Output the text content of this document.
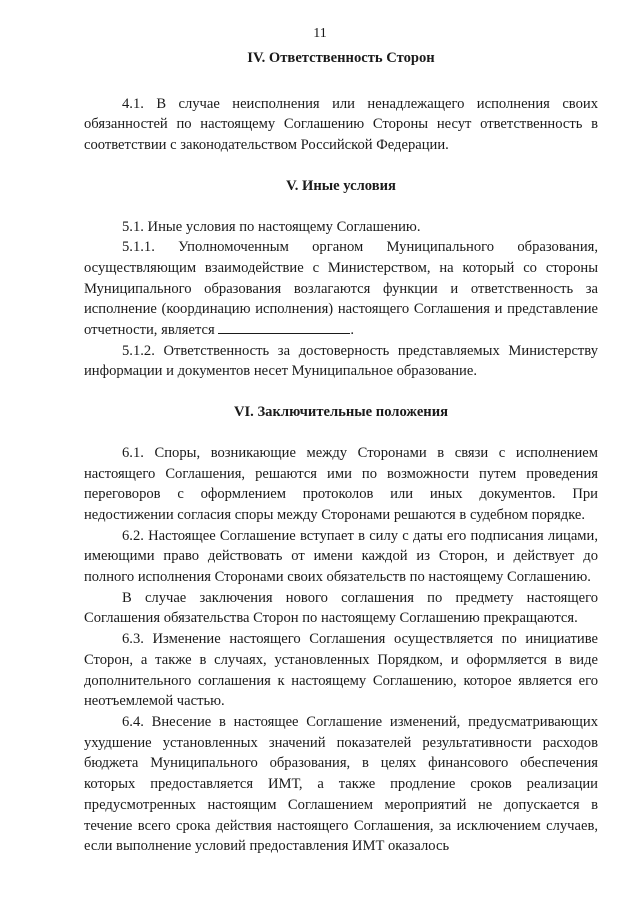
11

IV. Ответственность Сторон

4.1. В случае неисполнения или ненадлежащего исполнения своих обязанностей по настоящему Соглашению Стороны несут ответственность в соответствии с законодательством Российской Федерации.

V. Иные условия

5.1. Иные условия по настоящему Соглашению.

5.1.1. Уполномоченным органом Муниципального образования, осуществляющим взаимодействие с Министерством, на который со стороны Муниципального образования возлагаются функции и ответственность за исполнение (координацию исполнения) настоящего Соглашения и представление отчетности, является	.

5.1.2. Ответственность за достоверность представляемых Министерству информации и документов несет Муниципальное образование.

VI. Заключительные положения

6.1. Споры, возникающие между Сторонами в связи с исполнением настоящего Соглашения, решаются ими по возможности путем проведения переговоров с оформлением протоколов или иных документов. При недостижении согласия споры между Сторонами решаются в судебном порядке.

6.2. Настоящее Соглашение вступает в силу с даты его подписания лицами, имеющими право действовать от имени каждой из Сторон, и действует до полного исполнения Сторонами своих обязательств по настоящему Соглашению.

В случае заключения нового соглашения по предмету настоящего Соглашения обязательства Сторон по настоящему Соглашению прекращаются.

6.3. Изменение настоящего Соглашения осуществляется по инициативе Сторон, а также в случаях, установленных Порядком, и оформляется в виде дополнительного соглашения к настоящему Соглашению, которое является его неотъемлемой частью.

6.4. Внесение в настоящее Соглашение изменений, предусматривающих ухудшение установленных значений показателей результативности расходов бюджета Муниципального образования, в целях финансового обеспечения которых предоставляется ИМТ, а также продление сроков реализации предусмотренных настоящим Соглашением мероприятий не допускается в течение всего срока действия настоящего Соглашения, за исключением случаев, если выполнение условий предоставления ИМТ оказалось
